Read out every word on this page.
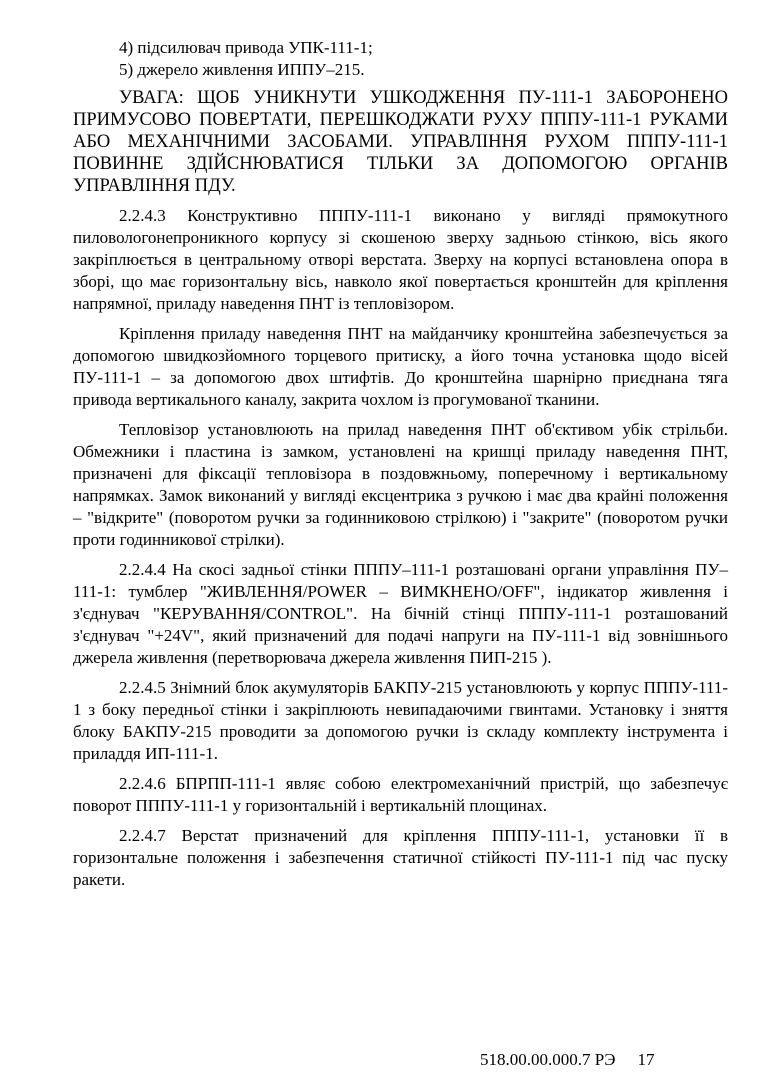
4) підсилювач привода УПК-111-1;

5) джерело живлення ИППУ–215.

УВАГА: ЩОБ УНИКНУТИ УШКОДЖЕННЯ ПУ-111-1 ЗАБОРОНЕНО ПРИМУСОВО ПОВЕРТАТИ, ПЕРЕШКОДЖАТИ РУХУ ПППУ-111-1 РУКАМИ АБО МЕХАНІЧНИМИ ЗАСОБАМИ. УПРАВЛІННЯ РУХОМ ПППУ-111-1 ПОВИННЕ ЗДІЙСНЮВАТИСЯ ТІЛЬКИ ЗА ДОПОМОГОЮ ОРГАНІВ УПРАВЛІННЯ ПДУ.

2.2.4.3 Конструктивно ПППУ-111-1 виконано у вигляді прямокутного пиловологонепроникного корпусу зі скошеною зверху задньою стінкою, вісь якого закріплюється в центральному отворі верстата. Зверху на корпусі встановлена опора в зборі, що має горизонтальну вісь, навколо якої повертається кронштейн для кріплення напрямної, приладу наведення ПНТ із тепловізором.

Кріплення приладу наведення ПНТ на майданчику кронштейна забезпечується за допомогою швидкозйомного торцевого притиску, а його точна установка щодо вісей ПУ-111-1 – за допомогою двох штифтів. До кронштейна шарнірно приєднана тяга привода вертикального каналу, закрита чохлом із прогумованої тканини.

Тепловізор установлюють на прилад наведення ПНТ об'єктивом убік стрільби. Обмежники і пластина із замком, установлені на кришці приладу наведення ПНТ, призначені для фіксації тепловізора в поздовжньому, поперечному і вертикальному напрямках. Замок виконаний у вигляді ексцентрика з ручкою і має два крайні положення – "відкрите" (поворотом ручки за годинниковою стрілкою) і "закрите" (поворотом ручки проти годинникової стрілки).

2.2.4.4 На скосі задньої стінки ПППУ–111-1 розташовані органи управління ПУ–111-1: тумблер "ЖИВЛЕННЯ/POWER – ВИМКНЕНО/OFF", індикатор живлення і з'єднувач "КЕРУВАННЯ/CONTROL". На бічній стінці ПППУ-111-1 розташований з'єднувач "+24V", який призначений для подачі напруги на ПУ-111-1 від зовнішнього джерела живлення (перетворювача джерела живлення ПИП-215 ).

2.2.4.5 Знімний блок акумуляторів БАКПУ-215 установлюють у корпус ПППУ-111-1 з боку передньої стінки і закріплюють невипадаючими гвинтами. Установку і зняття блоку БАКПУ-215 проводити за допомогою ручки із складу комплекту інструмента і приладдя ИП-111-1.

2.2.4.6 БПРПП-111-1 являє собою електромеханічний пристрій, що забезпечує поворот ПППУ-111-1 у горизонтальній і вертикальній площинах.

2.2.4.7 Верстат призначений для кріплення ПППУ-111-1, установки її в горизонтальне положення і забезпечення статичної стійкості ПУ-111-1 під час пуску ракети.

518.00.00.000.7 РЭ 17
